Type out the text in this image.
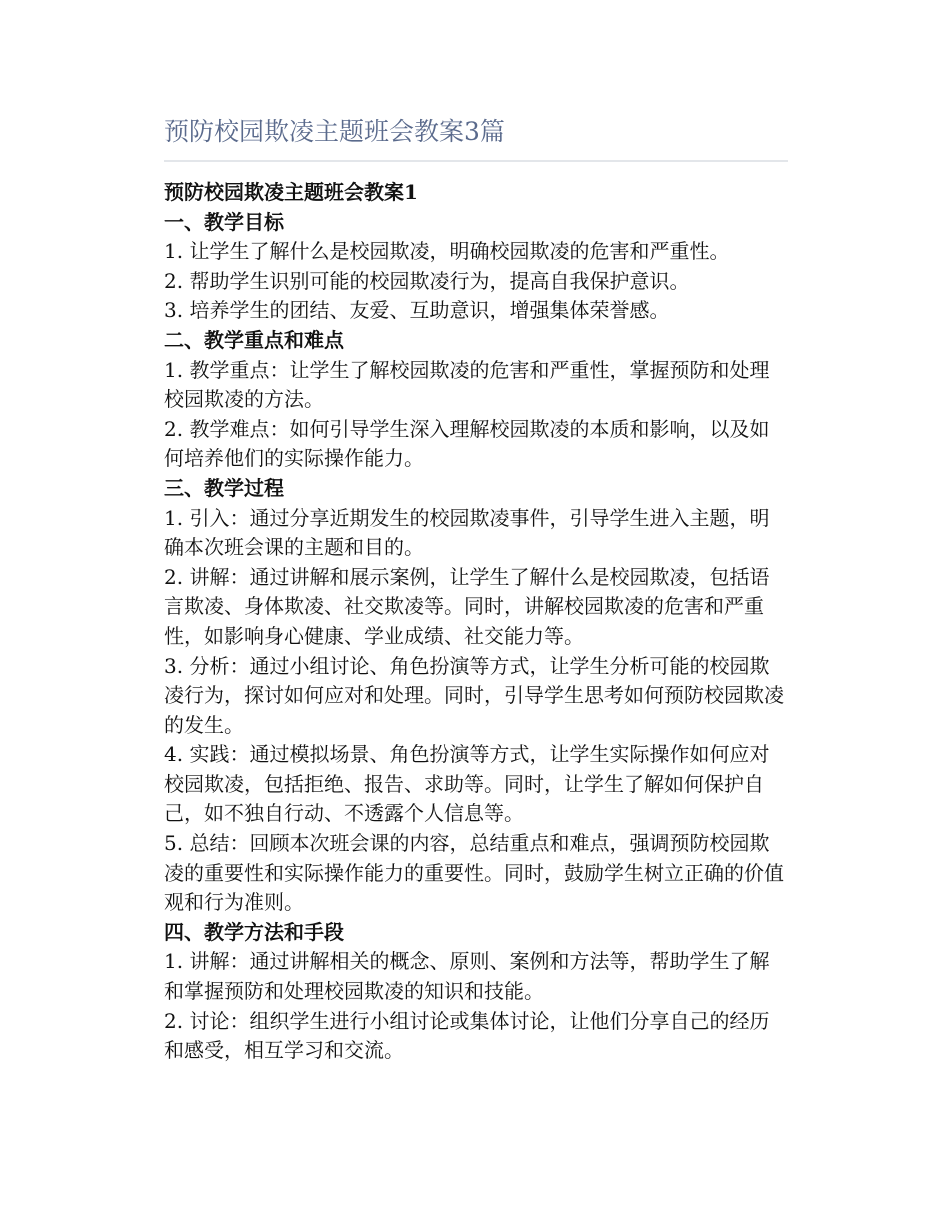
预防校园欺凌主题班会教案3篇

预防校园欺凌主题班会教案1

一、教学目标

1. 让学生了解什么是校园欺凌，明确校园欺凌的危害和严重性。

2. 帮助学生识别可能的校园欺凌行为，提高自我保护意识。

3. 培养学生的团结、友爱、互助意识，增强集体荣誉感。

二、教学重点和难点

1. 教学重点：让学生了解校园欺凌的危害和严重性，掌握预防和处理校园欺凌的方法。

2. 教学难点：如何引导学生深入理解校园欺凌的本质和影响，以及如何培养他们的实际操作能力。

三、教学过程

1. 引入：通过分享近期发生的校园欺凌事件，引导学生进入主题，明确本次班会课的主题和目的。

2. 讲解：通过讲解和展示案例，让学生了解什么是校园欺凌，包括语言欺凌、身体欺凌、社交欺凌等。同时，讲解校园欺凌的危害和严重性，如影响身心健康、学业成绩、社交能力等。

3. 分析：通过小组讨论、角色扮演等方式，让学生分析可能的校园欺凌行为，探讨如何应对和处理。同时，引导学生思考如何预防校园欺凌的发生。

4. 实践：通过模拟场景、角色扮演等方式，让学生实际操作如何应对校园欺凌，包括拒绝、报告、求助等。同时，让学生了解如何保护自己，如不独自行动、不透露个人信息等。

5. 总结：回顾本次班会课的内容，总结重点和难点，强调预防校园欺凌的重要性和实际操作能力的重要性。同时，鼓励学生树立正确的价值观和行为准则。

四、教学方法和手段

1. 讲解：通过讲解相关的概念、原则、案例和方法等，帮助学生了解和掌握预防和处理校园欺凌的知识和技能。

2. 讨论：组织学生进行小组讨论或集体讨论，让他们分享自己的经历和感受，相互学习和交流。
